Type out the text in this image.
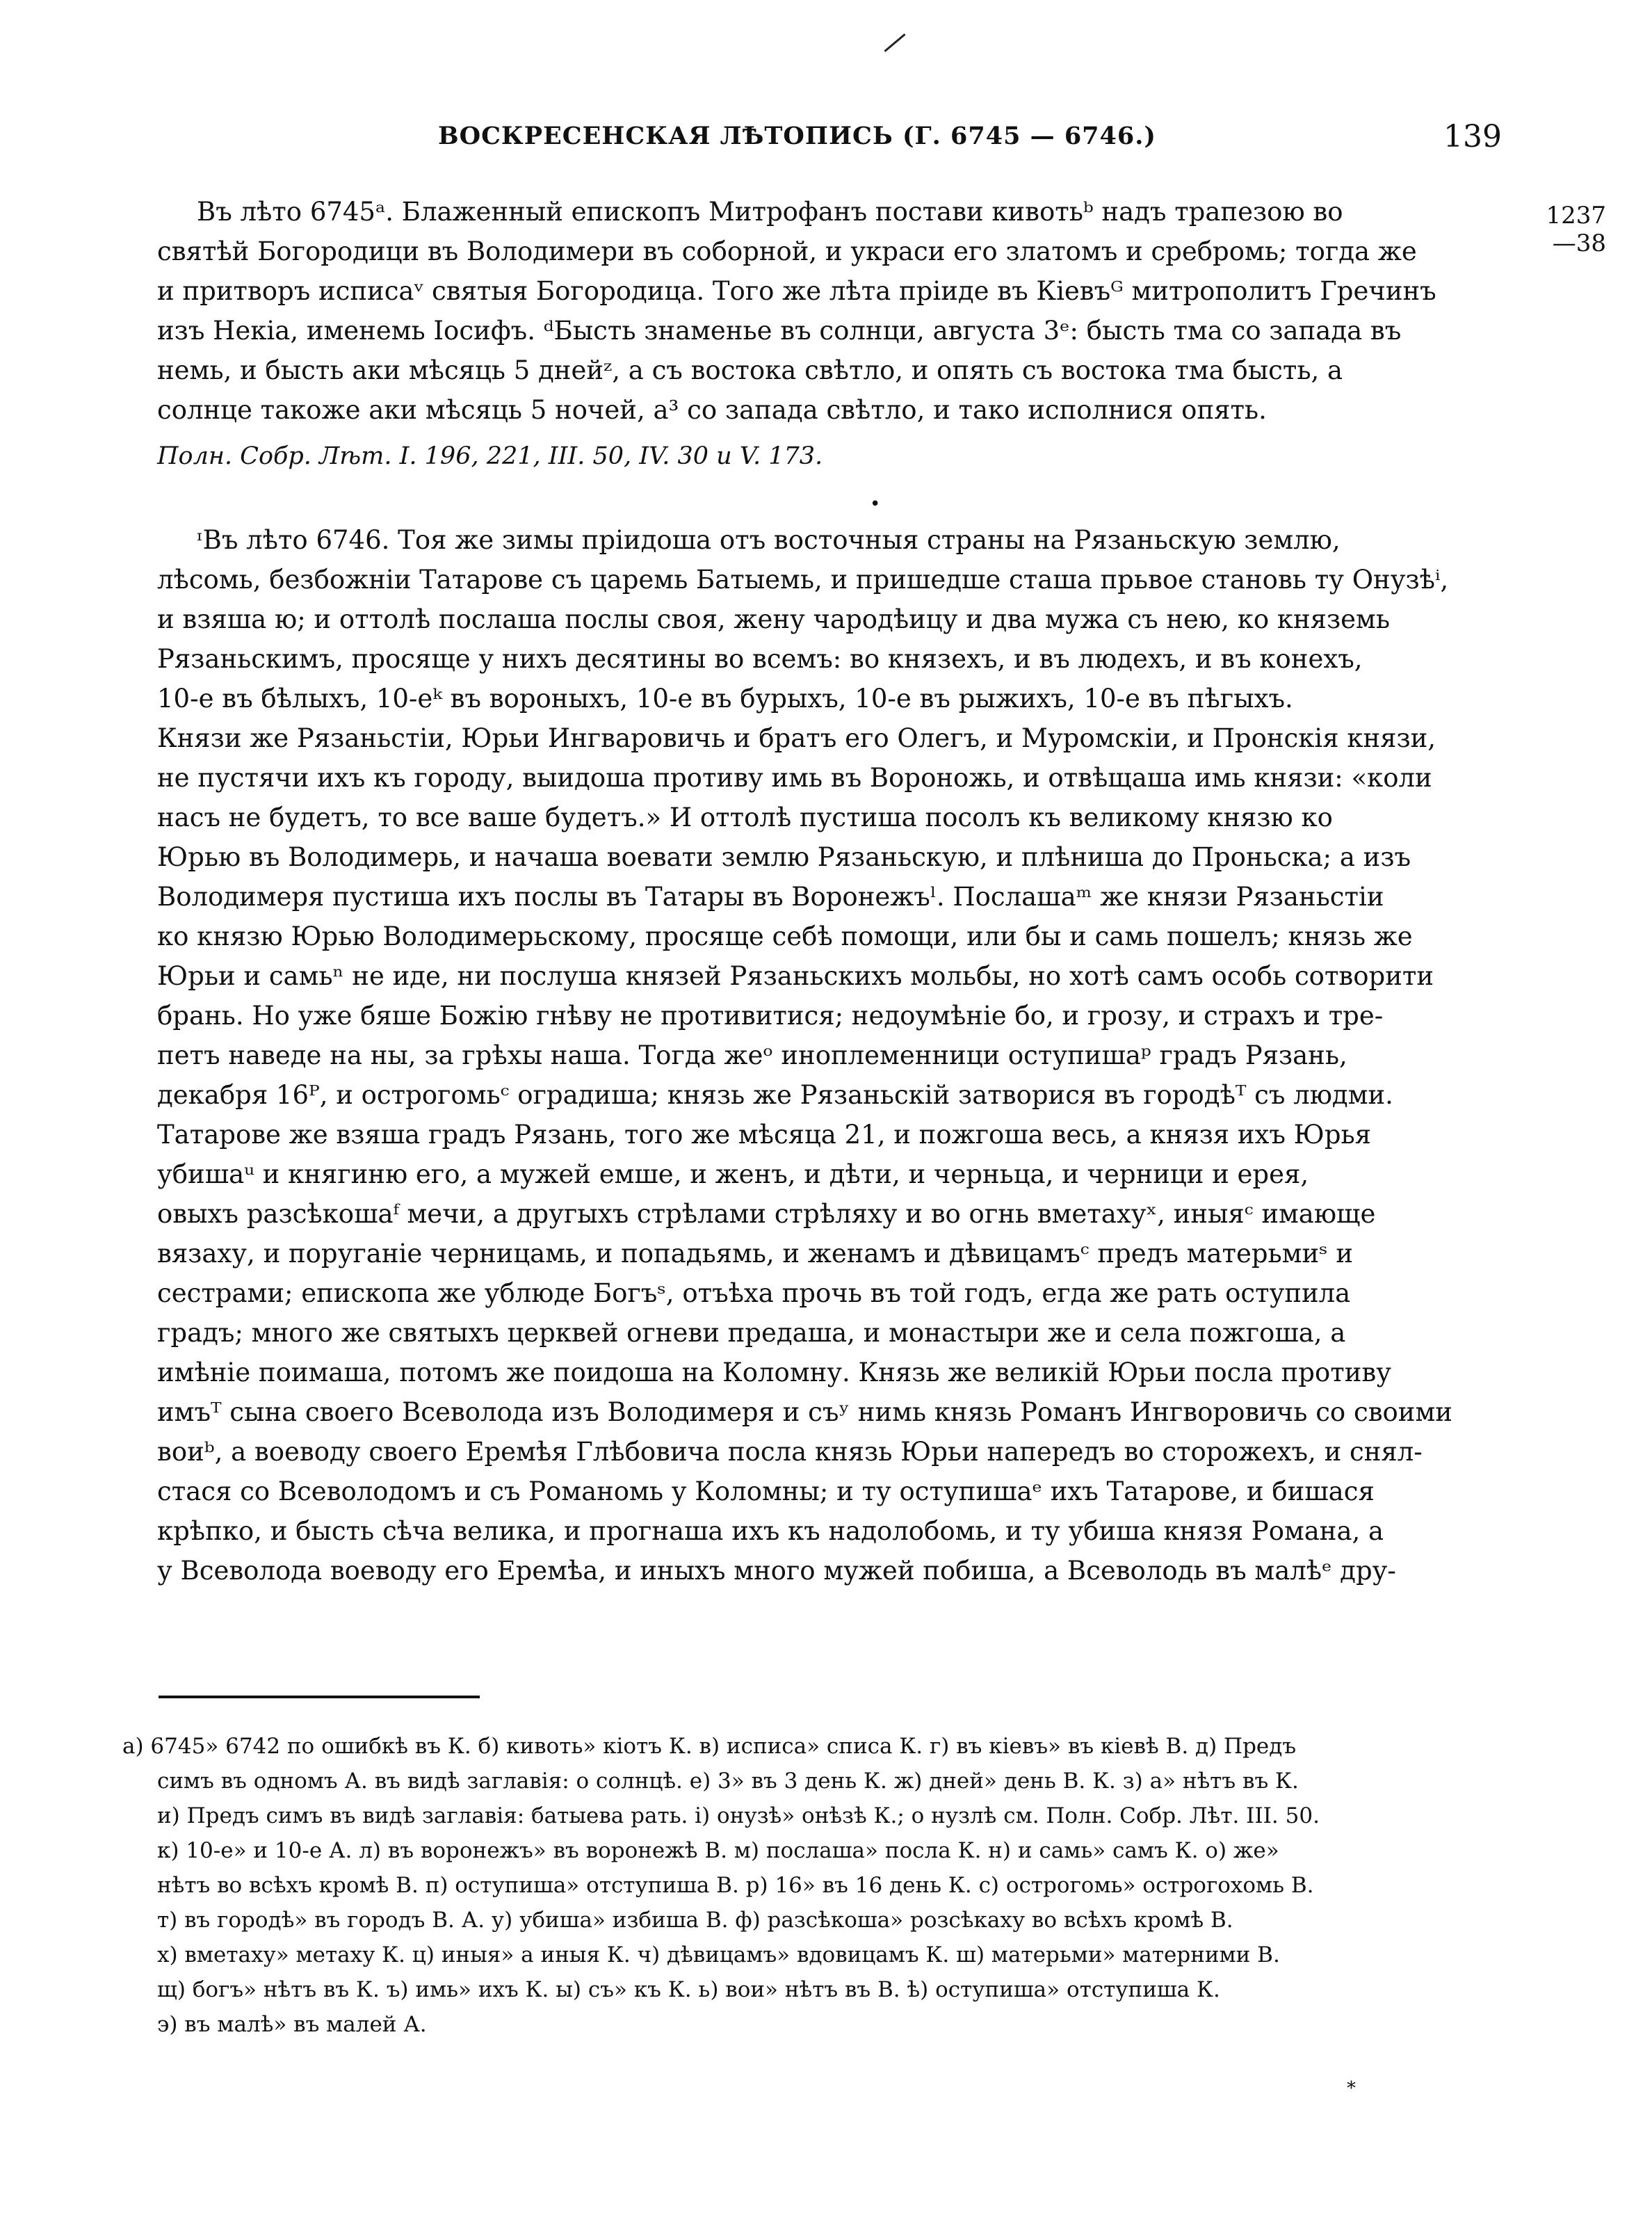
ВОСКРЕСЕНСКАЯ ЛѢТОПИСЬ (Г. 6745 — 6746.)	139
1237
—38
Въ лѣто 6745ᵃ. Блаженный епископъ Митрофанъ постави кивотьᵇ надъ трапезою во
святѣй Богородици въ Володимери въ соборной, и украси его златомъ и сребромь; тогда же
и притворъ исписаᵛ святыя Богородица. Того же лѣта пріиде въ Кіевъᴳ митрополитъ Гречинъ
изъ Некіа, именемь Іосифъ. ᵈБысть знаменье въ солнци, августа 3ᵉ: бысть тма со запада въ
немь, и бысть аки мѣсяць 5 днейᶻ, а съ востока свѣтло, и опять съ востока тма бысть, а
солнце такоже аки мѣсяць 5 ночей, а³ со запада свѣтло, и тако исполнися опять.
Полн. Собр. Лѣт. I. 196, 221, III. 50, IV. 30 и V. 173.
•
ᶦВъ лѣто 6746. Тоя же зимы пріидоша отъ восточныя страны на Рязаньскую землю,
лѣсомь, безбожніи Татарове съ царемь Батыемь, и пришедше сташа прьвое становь ту Онузѣⁱ,
и взяша ю; и оттолѣ послаша послы своя, жену чародѣицу и два мужа съ нею, ко княземь
Рязаньскимъ, просяще у нихъ десятины во всемъ: во князехъ, и въ людехъ, и въ конехъ,
10-е въ бѣлыхъ, 10-еᵏ въ вороныхъ, 10-е въ бурыхъ, 10-е въ рыжихъ, 10-е въ пѣгыхъ.
Князи же Рязаньстіи, Юрьи Ингваровичь и братъ его Олегъ, и Муромскіи, и Пронскія князи,
не пустячи ихъ къ городу, выидоша противу имь въ Вороножь, и отвѣщаша имь князи: «коли
насъ не будетъ, то все ваше будетъ.» И оттолѣ пустиша посолъ къ великому князю ко
Юрью въ Володимерь, и начаша воевати землю Рязаньскую, и плѣниша до Проньска; а изъ
Володимеря пустиша ихъ послы въ Татары въ Воронежъˡ. Послашаᵐ же князи Рязаньстіи
ко князю Юрью Володимерьскому, просяще себѣ помощи, или бы и самь пошелъ; князь же
Юрьи и самьⁿ не иде, ни послуша князей Рязаньскихъ мольбы, но хотѣ самъ особь сотворити
брань. Но уже бяше Божію гнѣву не противитися; недоумѣніе бо, и грозу, и страхъ и тре-
петъ наведе на ны, за грѣхы наша. Тогда жеᵒ иноплеменници оступишаᵖ градъ Рязань,
декабря 16ᴾ, и острогомьᶜ оградиша; князь же Рязаньскій затворися въ городѣᵀ съ людми.
Татарове же взяша градъ Рязань, того же мѣсяца 21, и пожгоша весь, а князя ихъ Юрья
убишаᵘ и княгиню его, а мужей емше, и женъ, и дѣти, и черньца, и черници и ерея,
овыхъ разсѣкошаᶠ мечи, а другыхъ стрѣлами стрѣляху и во огнь вметахуˣ, иныяᶜ имающе
вязаху, и поруганіе черницамь, и попадьямь, и женамъ и дѣвицамъᶜ предъ матерьмиˢ и
сестрами; епископа же ублюде Богъˢ, отъѣха прочь въ той годъ, егда же рать оступила
градъ; много же святыхъ церквей огневи предаша, и монастыри же и села пожгоша, а
имѣніе поимаша, потомъ же поидоша на Коломну. Князь же великій Юрьи посла противу
имъᵀ сына своего Всеволода изъ Володимеря и съʸ нимь князь Романъ Ингворовичь со своими
воиᵇ, а воеводу своего Еремѣя Глѣбовича посла князь Юрьи напередъ во сторожехъ, и снял-
стася со Всеволодомъ и съ Романомь у Коломны; и ту оступишаᵉ ихъ Татарове, и бишася
крѣпко, и бысть сѣча велика, и прогнаша ихъ къ надолобомь, и ту убиша князя Романа, а
у Всеволода воеводу его Еремѣа, и иныхъ много мужей побиша, а Всеволодь въ малѣᵉ дру-
а) 6745» 6742 по ошибкѣ въ К. б) кивоть» кіотъ К. в) исписа» списа К. г) въ кіевъ» въ кіевѣ В. д) Предъ
симъ въ одномъ А. въ видѣ заглавія: о солнцѣ. е) 3» въ 3 день К. ж) дней» день В. К. з) а» нѣтъ въ К.
и) Предъ симъ въ видѣ заглавія: батыева рать. і) онузѣ» онѣзѣ К.; о нузлѣ см. Полн. Собр. Лѣт. III. 50.
к) 10-е» и 10-е А. л) въ воронежъ» въ воронежѣ В. м) послаша» посла К. н) и самь» самъ К. о) же»
нѣтъ во всѣхъ кромѣ В. п) оступиша» отступиша В. р) 16» въ 16 день К. с) острогомь» острогохомь В.
т) въ городѣ» въ городъ В. А. у) убиша» избиша В. ф) разсѣкоша» розсѣкаху во всѣхъ кромѣ В.
х) вметаху» метаху К. ц) иныя» а иныя К. ч) дѣвицамъ» вдовицамъ К. ш) матерьми» матерними В.
щ) богъ» нѣтъ въ К. ъ) имь» ихъ К. ы) съ» къ К. ь) вои» нѣтъ въ В. ѣ) оступиша» отступиша К.
э) въ малѣ» въ малей А.
*
